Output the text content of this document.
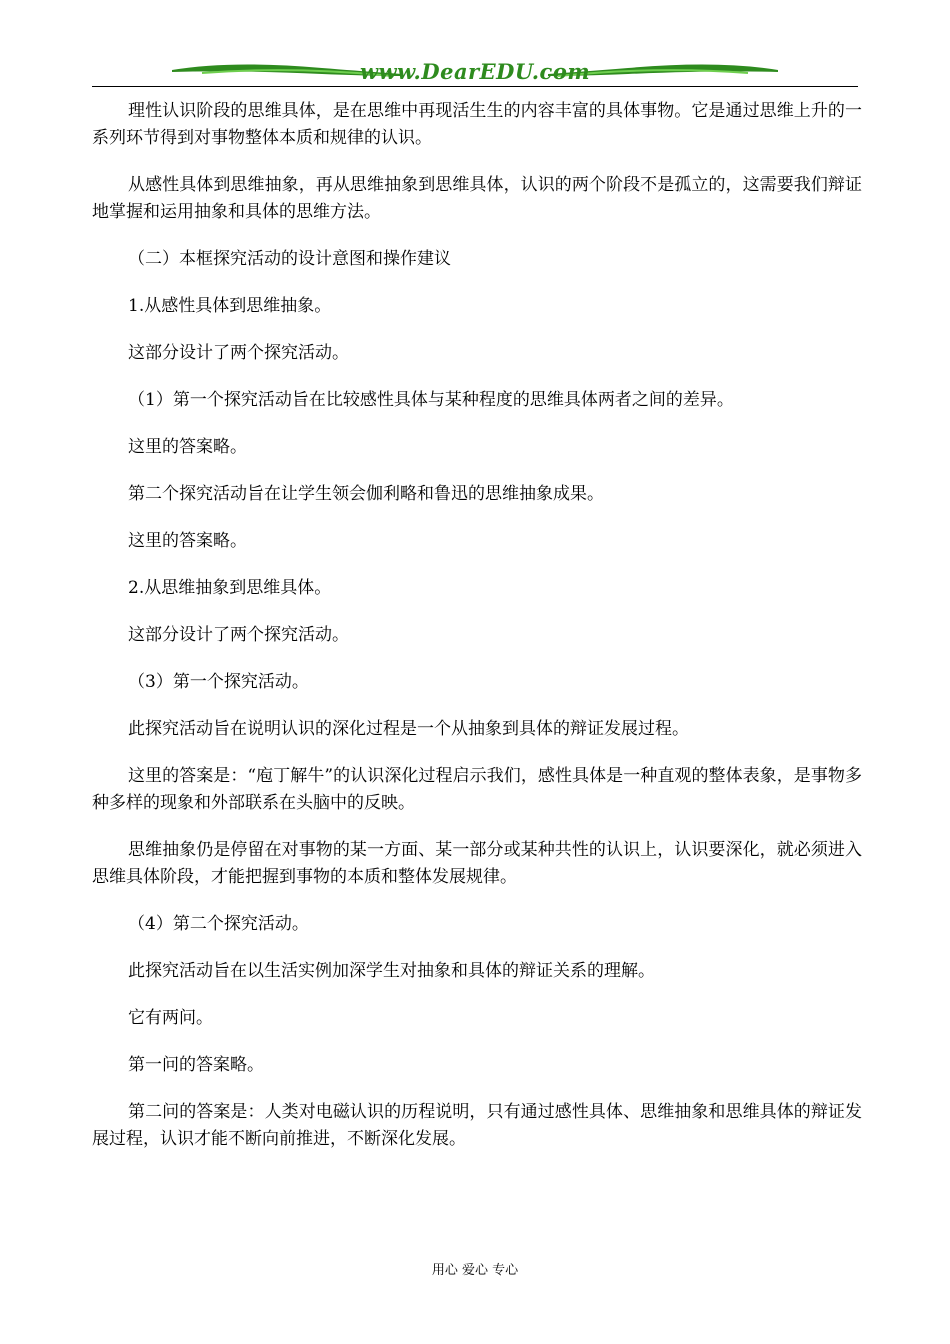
www.DearEDU.com

理性认识阶段的思维具体，是在思维中再现活生生的内容丰富的具体事物。它是通过思维上升的一系列环节得到对事物整体本质和规律的认识。

从感性具体到思维抽象，再从思维抽象到思维具体，认识的两个阶段不是孤立的，这需要我们辩证地掌握和运用抽象和具体的思维方法。

（二）本框探究活动的设计意图和操作建议

1.从感性具体到思维抽象。

这部分设计了两个探究活动。

（1）第一个探究活动旨在比较感性具体与某种程度的思维具体两者之间的差异。

这里的答案略。

第二个探究活动旨在让学生领会伽利略和鲁迅的思维抽象成果。

这里的答案略。

2.从思维抽象到思维具体。

这部分设计了两个探究活动。

（3）第一个探究活动。

此探究活动旨在说明认识的深化过程是一个从抽象到具体的辩证发展过程。

这里的答案是：“庖丁解牛”的认识深化过程启示我们，感性具体是一种直观的整体表象，是事物多种多样的现象和外部联系在头脑中的反映。

思维抽象仍是停留在对事物的某一方面、某一部分或某种共性的认识上，认识要深化，就必须进入思维具体阶段，才能把握到事物的本质和整体发展规律。

（4）第二个探究活动。

此探究活动旨在以生活实例加深学生对抽象和具体的辩证关系的理解。

它有两问。

第一问的答案略。

第二问的答案是：人类对电磁认识的历程说明，只有通过感性具体、思维抽象和思维具体的辩证发展过程，认识才能不断向前推进，不断深化发展。

用心 爱心 专心
